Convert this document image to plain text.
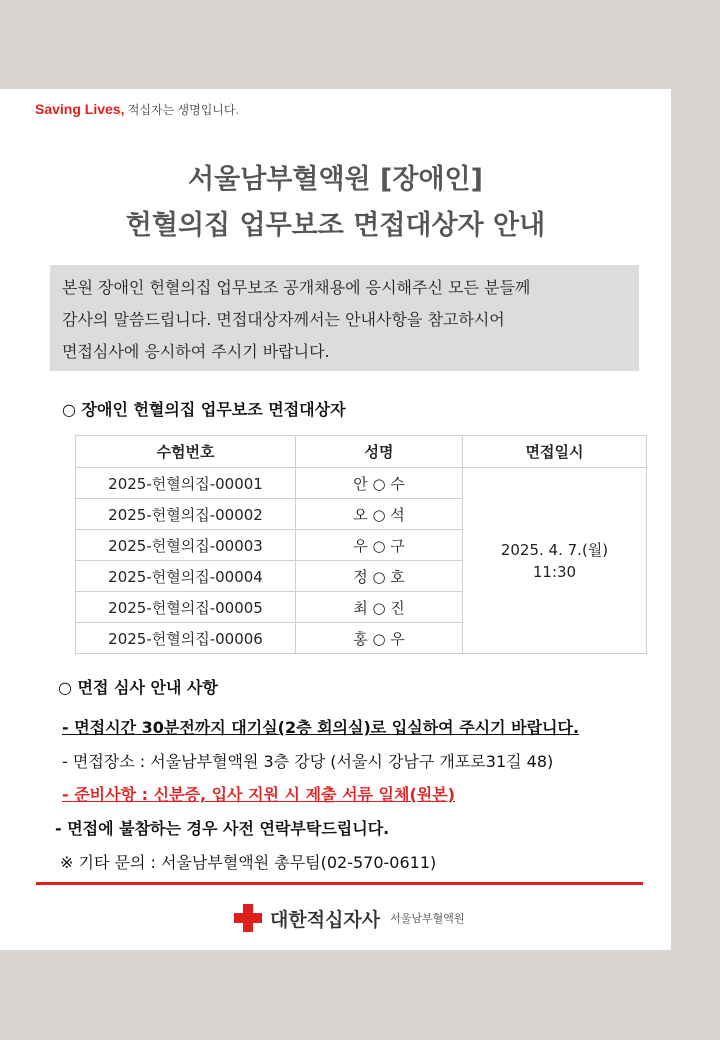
Saving Lives, 적십자는 생명입니다.
서울남부혈액원 [장애인]
헌혈의집 업무보조 면접대상자 안내
본원 장애인 헌혈의집 업무보조 공개채용에 응시해주신 모든 분들께
감사의 말씀드립니다. 면접대상자께서는 안내사항을 참고하시어
면접심사에 응시하여 주시기 바랍니다.
○ 장애인 헌혈의집 업무보조 면접대상자
수험번호	성명	면접일시
2025-헌혈의집-00001	안 ○ 수	2025. 4. 7.(월)
11:30

2025-헌혈의집-00002	오 ○ 석	
2025-헌혈의집-00003	우 ○ 구	
2025-헌혈의집-00004	정 ○ 호	
2025-헌혈의집-00005	최 ○ 진	
2025-헌혈의집-00006	홍 ○ 우	
○ 면접 심사 안내 사항
- 면접시간 30분전까지 대기실(2층 회의실)로 입실하여 주시기 바랍니다.
- 면접장소 : 서울남부혈액원 3층 강당 (서울시 강남구 개포로31길 48)
- 준비사항 : 신분증, 입사 지원 시 제출 서류 일체(원본)
- 면접에 불참하는 경우 사전 연락부탁드립니다.
※ 기타 문의 : 서울남부혈액원 총무팀(02-570-0611)
대한적십자사 서울남부혈액원
